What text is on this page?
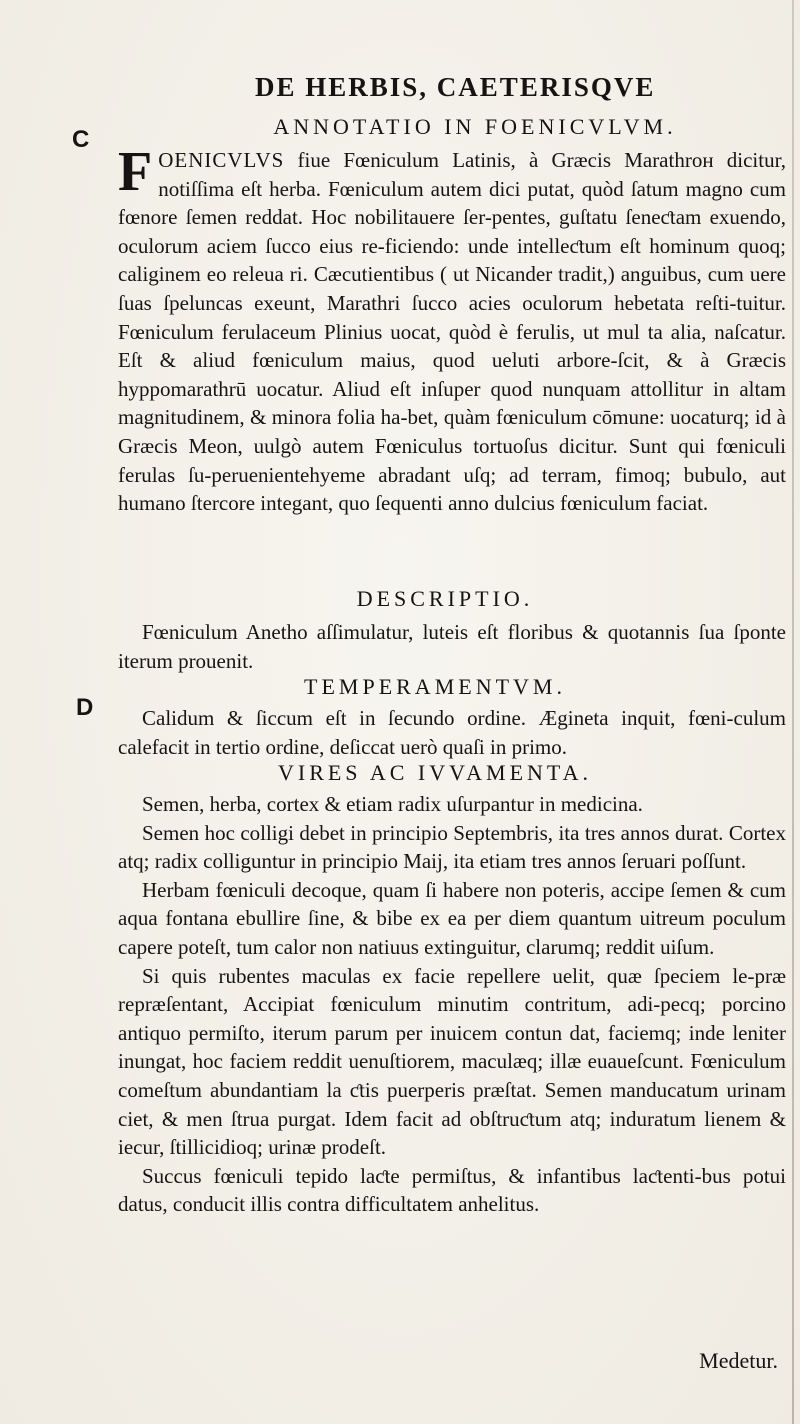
DE HERBIS, CAETERISQVE
C
D
ANNOTATIO IN FOENICVLVM.

FOENICVLVS fiue Fœniculum Latinis, à Græcis Marathrон dicitur, notiſſima eſt herba. Fœniculum autem dici putat, quòd ſatum magno cum fœnore ſemen reddat. Hoc nobilitauere ſer-pentes, guſtatu ſeneƈtam exuendo, oculorum aciem ſucco eius re-ficiendo: unde intelleƈtum eſt hominum quoq; caliginem eo releua ri. Cæcutientibus ( ut Nicander tradit,) anguibus, cum uere ſuas ſpeluncas exeunt, Marathri ſucco acies oculorum hebetata reſti-tuitur. Fœniculum ferulaceum Plinius uocat, quòd è ferulis, ut mul ta alia, naſcatur. Eſt & aliud fœniculum maius, quod ueluti arbore-ſcit, & à Græcis hyppomarathrū uocatur. Aliud eſt inſuper quod nunquam attollitur in altam magnitudinem, & minora folia ha-bet, quàm fœniculum cōmune: uocaturq; id à Græcis Meon, uulgò autem Fœniculus tortuoſus dicitur. Sunt qui fœniculi ferulas ſu-peruenientehyeme abradant uſq; ad terram, fimoq; bubulo, aut humano ſtercore integant, quo ſequenti anno dulcius fœniculum faciat.

DESCRIPTIO.

Fœniculum Anetho aſſimulatur, luteis eſt floribus & quotannis ſua ſponte iterum prouenit.

TEMPERAMENTVM.

Calidum & ſiccum eſt in ſecundo ordine. Ægineta inquit, fœni-culum calefacit in tertio ordine, deſiccat uerò quaſi in primo.

VIRES AC IVVAMENTA.

Semen, herba, cortex & etiam radix uſurpantur in medicina.

Semen hoc colligi debet in principio Septembris, ita tres annos durat. Cortex atq; radix colliguntur in principio Maij, ita etiam tres annos ſeruari poſſunt.

Herbam fœniculi decoque, quam ſi habere non poteris, accipe ſemen & cum aqua fontana ebullire ſine, & bibe ex ea per diem quantum uitreum poculum capere poteſt, tum calor non natiuus extinguitur, clarumq; reddit uiſum.

Si quis rubentes maculas ex facie repellere uelit, quæ ſpeciem le-præ repræſentant, Accipiat fœniculum minutim contritum, adi-pecq; porcino antiquo permiſto, iterum parum per inuicem contun dat, faciemq; inde leniter inungat, hoc faciem reddit uenuſtiorem, maculæq; illæ euaueſcunt. Fœniculum comeſtum abundantiam la ƈtis puerperis præſtat. Semen manducatum urinam ciet, & men ſtrua purgat. Idem facit ad obſtruƈtum atq; induratum lienem & iecur, ſtillicidioq; urinæ prodeſt.

Succus fœniculi tepido laƈte permiſtus, & infantibus laƈtenti-bus potui datus, conducit illis contra difficultatem anhelitus.

Medetur.
